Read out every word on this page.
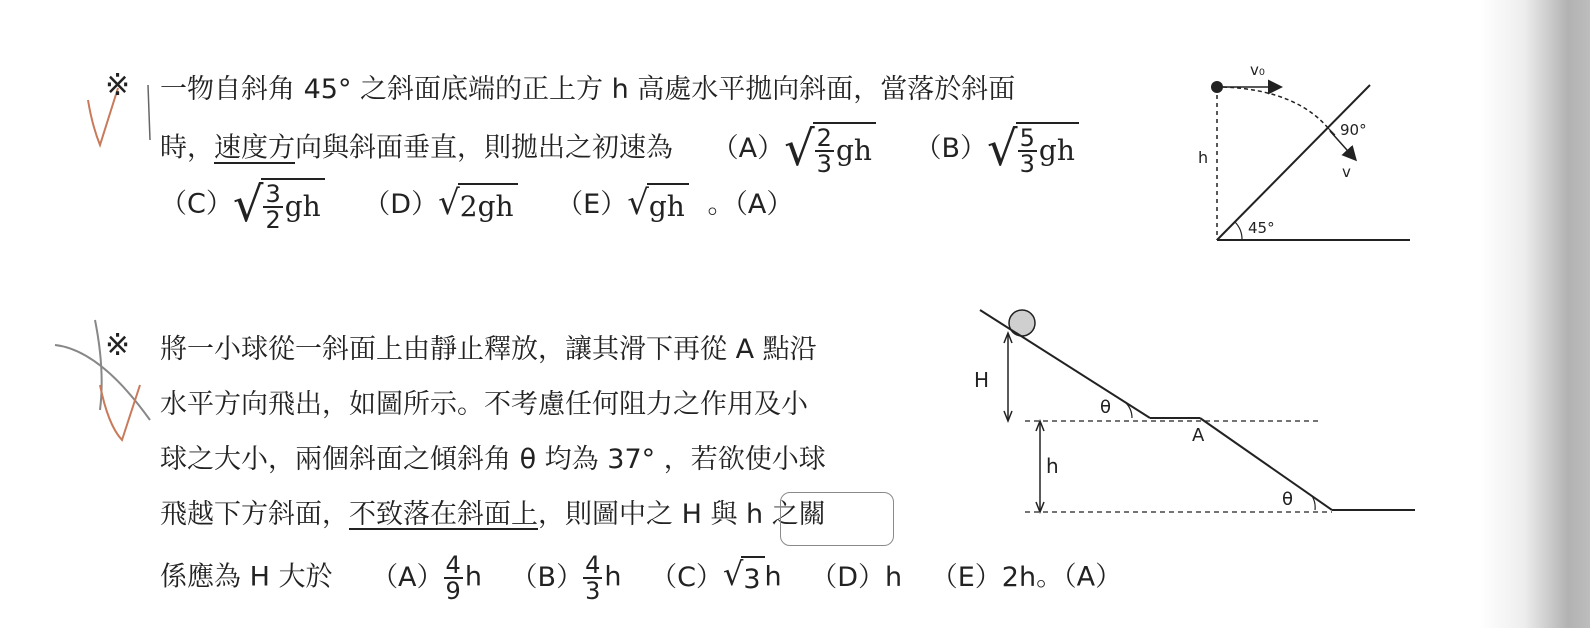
※ 一物自斜角 45° 之斜面底端的正上方 h 高處水平拋向斜面，當落於斜面
時，速度方向與斜面垂直，則拋出之初速為 （A） √ $\frac{2}{3}$ gh （B） √ $\frac{5}{3}$ gh
（C） √ $\frac{3}{2}$ gh （D） √ 2gh （E） √ gh 。（A）
v₀
v
h
90°
45°
※ 將一小球從一斜面上由靜止釋放，讓其滑下再從 A 點沿
水平方向飛出，如圖所示。不考慮任何阻力之作用及小
球之大小，兩個斜面之傾斜角 θ 均為 37° ，若欲使小球
飛越下方斜面，不致落在斜面上，則圖中之 H 與 h 之關
係應為 H 大於 $(A) \frac{4}{9}$ h $(B) \frac{4}{3}$ h （C） √ 3 h （D）h （E）2h。（A）
H
h
A
θ
θ
